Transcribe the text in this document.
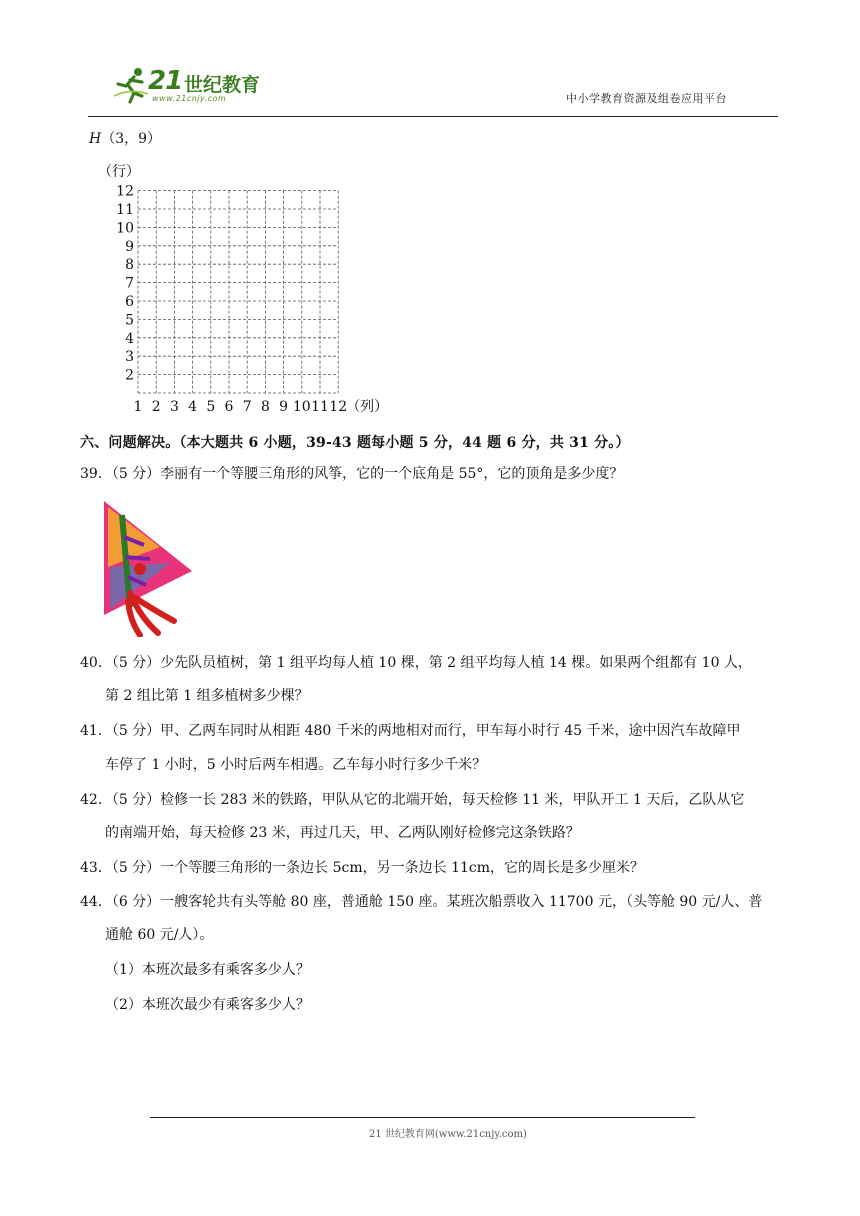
21 世纪教育
www.21cnjy.com	中小学教育资源及组卷应用平台
H（3，9）
2
3
4
5
6
7
8
9
10
11
12
1 2 3 4 5 6 7 8 9 10 11 12
（行）
（列）
六、问题解决。（本大题共 6 小题，39-43 题每小题 5 分，44 题 6 分，共 31 分。）
39．（5 分）李丽有一个等腰三角形的风筝，它的一个底角是 55°，它的顶角是多少度？
40．（5 分）少先队员植树，第 1 组平均每人植 10 棵，第 2 组平均每人植 14 棵。如果两个组都有 10 人，
第 2 组比第 1 组多植树多少棵？
41．（5 分）甲、乙两车同时从相距 480 千米的两地相对而行，甲车每小时行 45 千米，途中因汽车故障甲
车停了 1 小时，5 小时后两车相遇。乙车每小时行多少千米？
42．（5 分）检修一长 283 米的铁路，甲队从它的北端开始，每天检修 11 米，甲队开工 1 天后，乙队从它
的南端开始，每天检修 23 米，再过几天，甲、乙两队刚好检修完这条铁路？
43．（5 分）一个等腰三角形的一条边长 5cm，另一条边长 11cm，它的周长是多少厘米？
44．（6 分）一艘客轮共有头等舱 80 座，普通舱 150 座。某班次船票收入 11700 元，（头等舱 90 元/人、普
通舱 60 元/人）。
（1）本班次最多有乘客多少人？
（2）本班次最少有乘客多少人？
21 世纪教育网(www.21cnjy.com)
